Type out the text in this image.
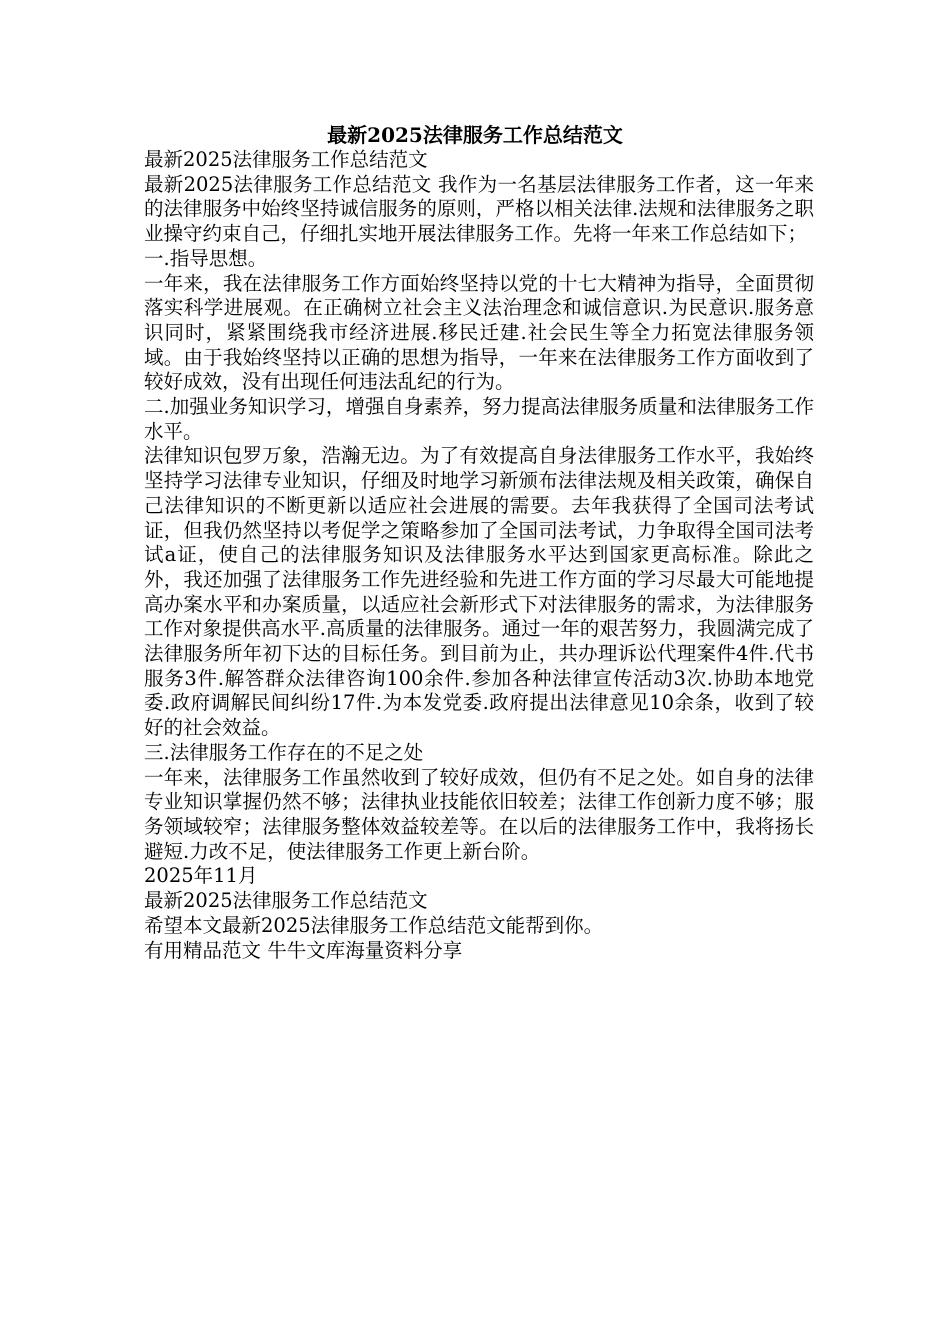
最新2025法律服务工作总结范文

最新2025法律服务工作总结范文

最新2025法律服务工作总结范文 我作为一名基层法律服务工作者，这一年来的法律服务中始终坚持诚信服务的原则，严格以相关法律.法规和法律服务之职业操守约束自己，仔细扎实地开展法律服务工作。先将一年来工作总结如下；

一.指导思想。

一年来，我在法律服务工作方面始终坚持以党的十七大精神为指导，全面贯彻落实科学进展观。在正确树立社会主义法治理念和诚信意识.为民意识.服务意识同时，紧紧围绕我市经济进展.移民迁建.社会民生等全力拓宽法律服务领域。由于我始终坚持以正确的思想为指导，一年来在法律服务工作方面收到了较好成效，没有出现任何违法乱纪的行为。

二.加强业务知识学习，增强自身素养，努力提高法律服务质量和法律服务工作水平。

法律知识包罗万象，浩瀚无边。为了有效提高自身法律服务工作水平，我始终坚持学习法律专业知识，仔细及时地学习新颁布法律法规及相关政策，确保自己法律知识的不断更新以适应社会进展的需要。去年我获得了全国司法考试证，但我仍然坚持以考促学之策略参加了全国司法考试，力争取得全国司法考试a证，使自己的法律服务知识及法律服务水平达到国家更高标准。除此之外，我还加强了法律服务工作先进经验和先进工作方面的学习尽最大可能地提高办案水平和办案质量，以适应社会新形式下对法律服务的需求，为法律服务工作对象提供高水平.高质量的法律服务。通过一年的艰苦努力，我圆满完成了法律服务所年初下达的目标任务。到目前为止，共办理诉讼代理案件4件.代书服务3件.解答群众法律咨询100余件.参加各种法律宣传活动3次.协助本地党委.政府调解民间纠纷17件.为本发党委.政府提出法律意见10余条，收到了较好的社会效益。

三.法律服务工作存在的不足之处

一年来，法律服务工作虽然收到了较好成效，但仍有不足之处。如自身的法律专业知识掌握仍然不够；法律执业技能依旧较差；法律工作创新力度不够；服务领域较窄；法律服务整体效益较差等。在以后的法律服务工作中，我将扬长避短.力改不足，使法律服务工作更上新台阶。

2025年11月

最新2025法律服务工作总结范文

希望本文最新2025法律服务工作总结范文能帮到你。

有用精品范文 牛牛文库海量资料分享
